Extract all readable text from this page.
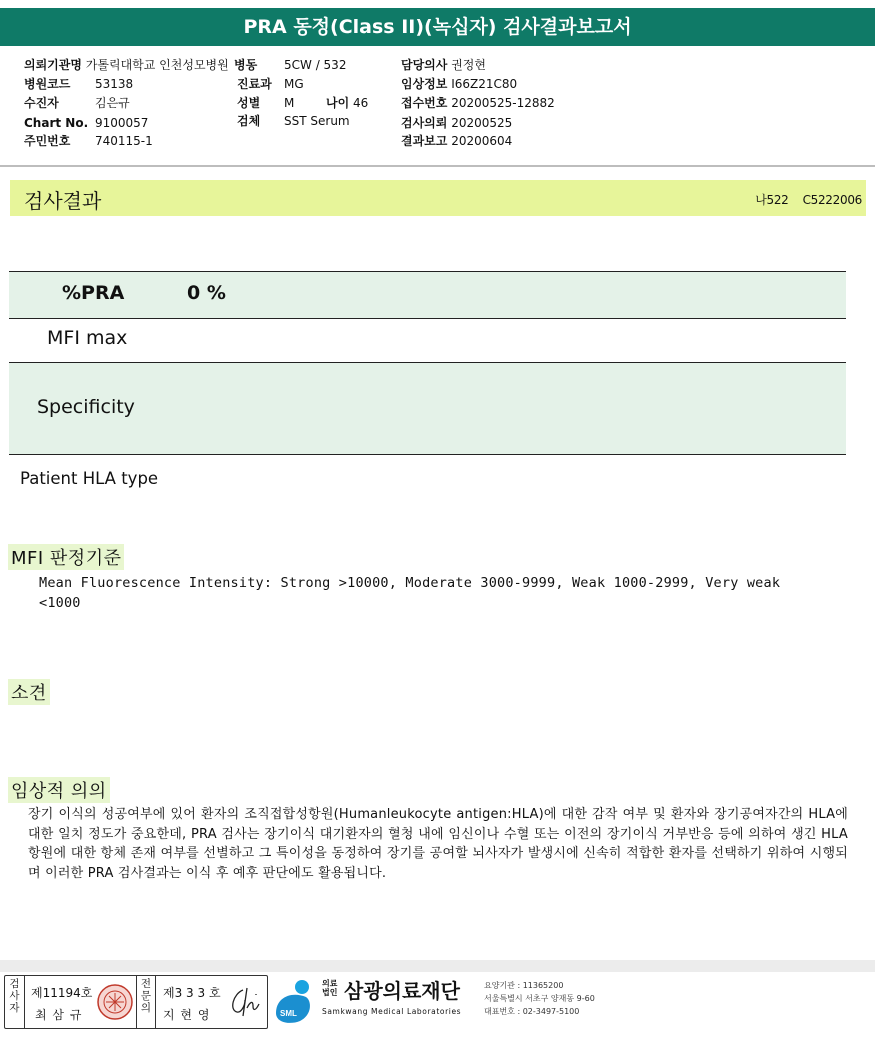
PRA 동정(Class II)(녹십자) 검사결과보고서
의뢰기관명 가톨릭대학교 인천성모병원 병동 5CW / 532	담당의사 권정현
병원코드 53138	진료과 MG	임상정보 I66Z21C80
수진자	김은규	성별 M	나이 46	접수번호 20200525-12882
Chart No. 9100057	검체 SST Serum	검사의뢰 20200525
주민번호 740115-1	결과보고 20200604
검사결과	나522 C5222006
%PRA	0 %
MFI max
Specificity
Patient HLA type
MFI 판정기준
Mean Fluorescence Intensity: Strong >10000, Moderate 3000-9999, Weak 1000-2999, Very weak
<1000
소견
임상적 의의
장기 이식의 성공여부에 있어 환자의 조직접합성항원(Humanleukocyte antigen:HLA)에 대한 감작 여부 및 환자와 장기공여자간의 HLA에 대한 일치 정도가 중요한데, PRA 검사는 장기이식 대기환자의 혈청 내에 임신이나 수혈 또는 이전의 장기이식 거부반응 등에 의하여 생긴 HLA 항원에 대한 항체 존재 여부를 선별하고 그 특이성을 동정하여 장기를 공여할 뇌사자가 발생시에 신속히 적합한 환자를 선택하기 위하여 시행되며 이러한 PRA 검사결과는 이식 후 예후 판단에도 활용됩니다.
검사자
제11194호
최 삼 규
전문의
제3 3 3 호
지 현 영	SML
의료
법인 삼광의료재단
Samkwang Medical Laboratories
요양기관 : 11365200
서울특별시 서초구 양재동 9-60
대표번호 : 02-3497-5100
